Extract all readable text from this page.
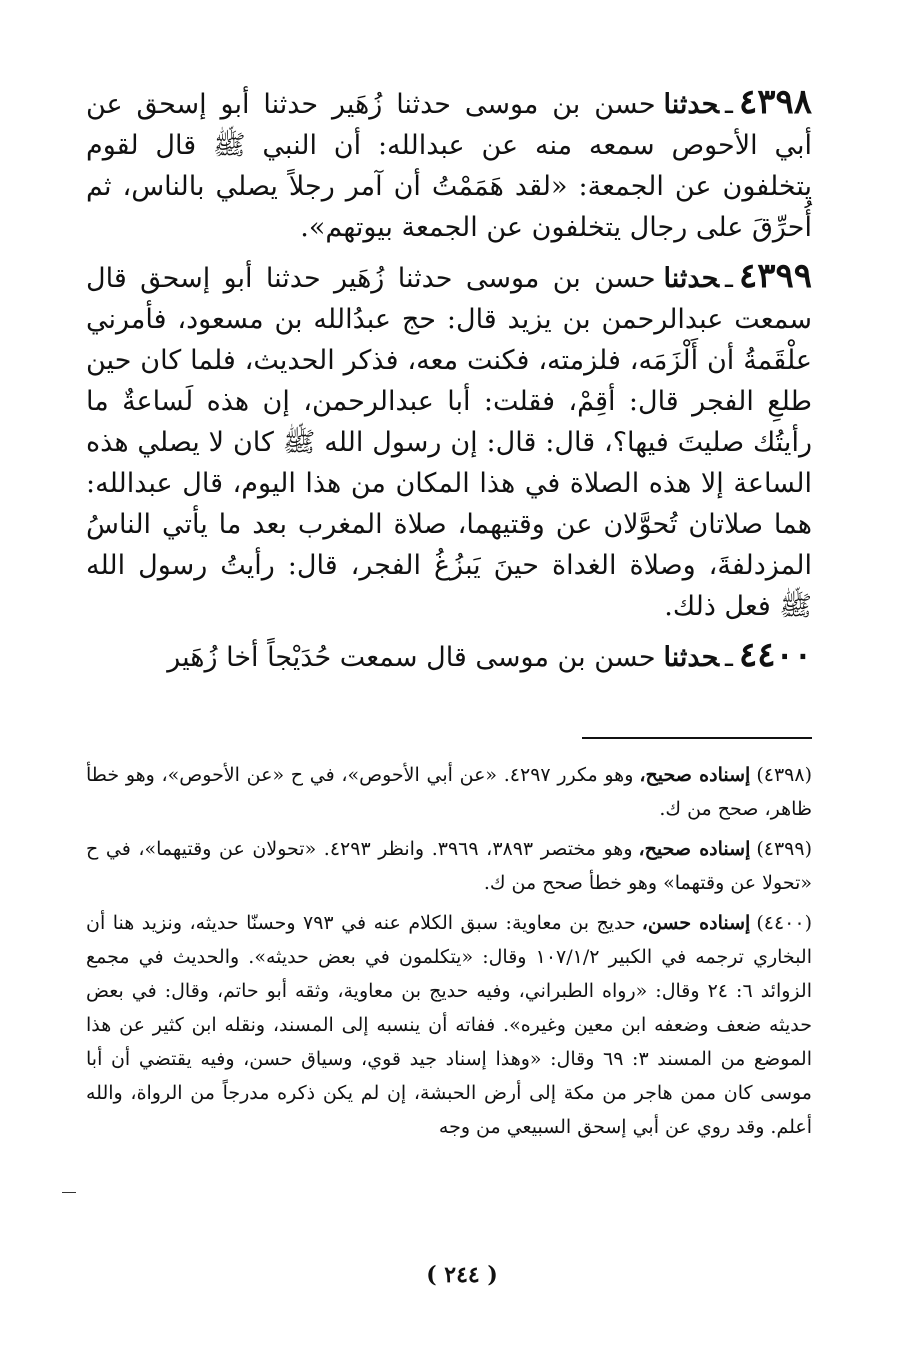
٤٣٩٨ـحدثناحسن بن موسى حدثنا زُهَير حدثنا أبو إسحق عن أبي الأحوص سمعه منه عن عبدالله: أن النبي ﷺ قال لقوم يتخلفون عن الجمعة: «لقد هَمَمْتُ أن آمر رجلاً يصلي بالناس، ثم أُحرِّقَ على رجال يتخلفون عن الجمعة بيوتهم».

٤٣٩٩ـحدثناحسن بن موسى حدثنا زُهَير حدثنا أبو إسحق قال سمعت عبدالرحمن بن يزيد قال: حج عبدُالله بن مسعود، فأمرني علْقَمةُ أن أَلْزَمَه، فلزمته، فكنت معه، فذكر الحديث، فلما كان حين طلعِ الفجر قال: أقِمْ، فقلت: أبا عبدالرحمن، إن هذه لَساعةٌ ما رأيتُك صليتَ فيها؟، قال: قال: إن رسول الله ﷺ كان لا يصلي هذه الساعة إلا هذه الصلاة في هذا المكان من هذا اليوم، قال عبدالله: هما صلاتان تُحوَّلان عن وقتيهما، صلاة المغرب بعد ما يأتي الناسُ المزدلفةَ، وصلاة الغداة حينَ يَبزُغُ الفجر، قال: رأيتُ رسول الله ﷺ فعل ذلك.

٤٤٠٠ـحدثناحسن بن موسى قال سمعت حُدَيْجاً أخا زُهَير

(٤٣٩٨)إسناده صحيح،وهو مكرر ٤٢٩٧. «عن أبي الأحوص»، في ح «عن الأحوص»، وهو خطأ ظاهر، صحح من ك.

(٤٣٩٩)إسناده صحيح،وهو مختصر ٣٨٩٣، ٣٩٦٩. وانظر ٤٢٩٣. «تحولان عن وقتيهما»، في ح «تحولا عن وقتهما» وهو خطأ صحح من ك.

(٤٤٠٠)إسناده حسن،حديج بن معاوية: سبق الكلام عنه في ٧٩٣ وحسنّا حديثه، ونزيد هنا أن البخاري ترجمه في الكبير ١٠٧/١/٢ وقال: «يتكلمون في بعض حديثه». والحديث في مجمع الزوائد ٦: ٢٤ وقال: «رواه الطبراني، وفيه حديج بن معاوية، وثقه أبو حاتم، وقال: في بعض حديثه ضعف وضعفه ابن معين وغيره». ففاته أن ينسبه إلى المسند، ونقله ابن كثير عن هذا الموضع من المسند ٣: ٦٩ وقال: «وهذا إسناد جيد قوي، وسياق حسن، وفيه يقتضي أن أبا موسى كان ممن هاجر من مكة إلى أرض الحبشة، إن لم يكن ذكره مدرجاً من الرواة، والله أعلم. وقد روي عن أبي إسحق السبيعي من وجه

( ٢٤٤ )
